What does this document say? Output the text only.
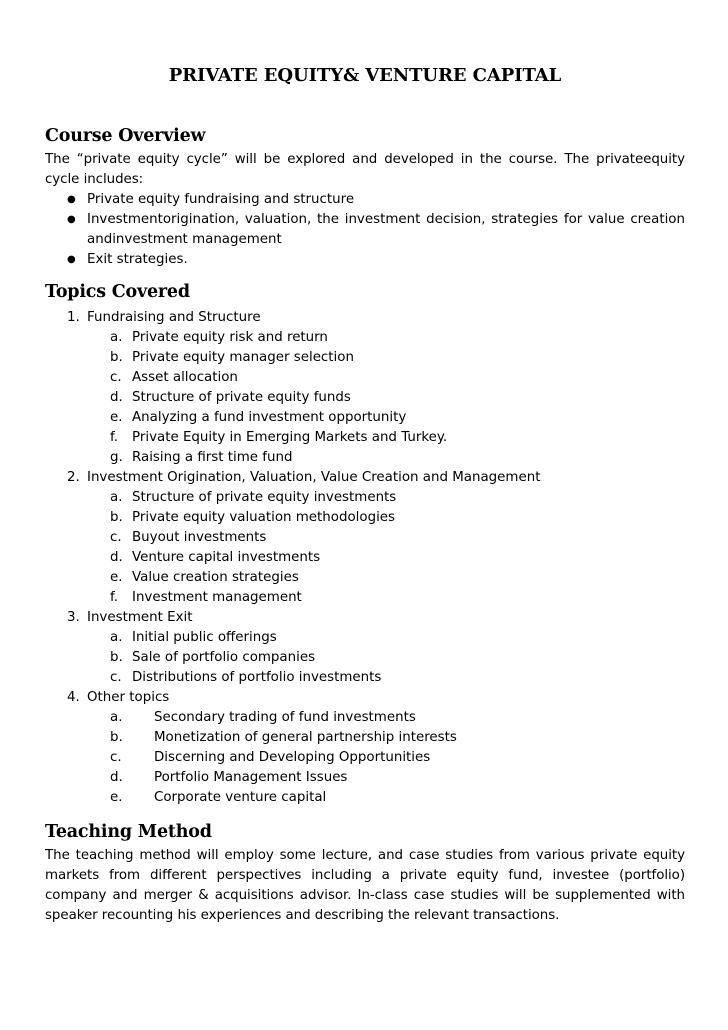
PRIVATE EQUITY& VENTURE CAPITAL
Course Overview

The “private equity cycle” will be explored and developed in the course. The privateequity cycle includes:

● Private equity fundraising and structure
● Investmentorigination, valuation, the investment decision, strategies for value creation andinvestment management
● Exit strategies.
Topics Covered
1. Fundraising and Structure
a. Private equity risk and return
b. Private equity manager selection
c. Asset allocation
d. Structure of private equity funds
e. Analyzing a fund investment opportunity
f. Private Equity in Emerging Markets and Turkey.
g. Raising a first time fund
2. Investment Origination, Valuation, Value Creation and Management
a. Structure of private equity investments
b. Private equity valuation methodologies
c. Buyout investments
d. Venture capital investments
e. Value creation strategies
f. Investment management
3. Investment Exit
a. Initial public offerings
b. Sale of portfolio companies
c. Distributions of portfolio investments
4. Other topics
a. Secondary trading of fund investments
b. Monetization of general partnership interests
c. Discerning and Developing Opportunities
d. Portfolio Management Issues
e. Corporate venture capital
Teaching Method

The teaching method will employ some lecture, and case studies from various private equity markets from different perspectives including a private equity fund, investee (portfolio) company and merger & acquisitions advisor. In-class case studies will be supplemented with speaker recounting his experiences and describing the relevant transactions.
